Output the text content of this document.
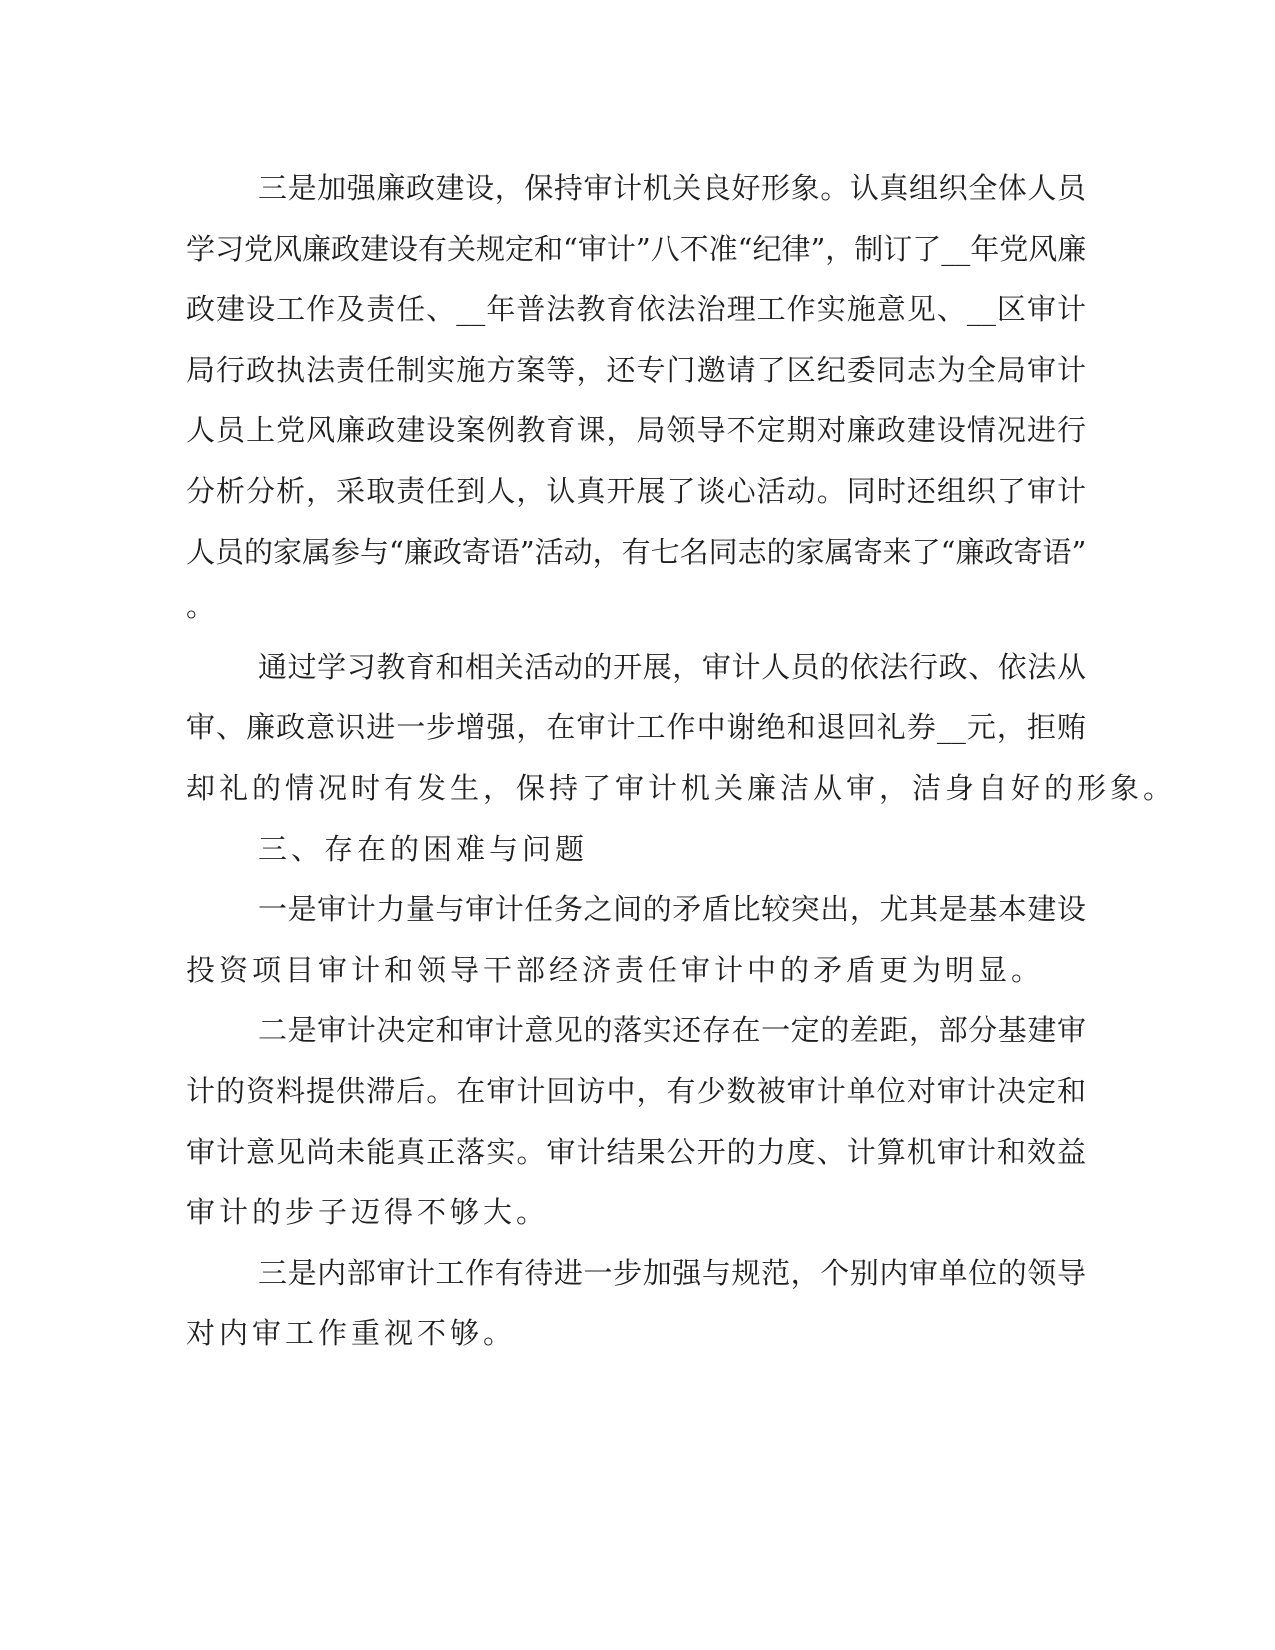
三是加强廉政建设，保持审计机关良好形象。认真组织全体人员
学习党风廉政建设有关规定和“审计”八不准“纪律”，制订了__年党风廉
政建设工作及责任、__年普法教育依法治理工作实施意见、__区审计
局行政执法责任制实施方案等，还专门邀请了区纪委同志为全局审计
人员上党风廉政建设案例教育课，局领导不定期对廉政建设情况进行
分析分析，采取责任到人，认真开展了谈心活动。同时还组织了审计
人员的家属参与“廉政寄语”活动，有七名同志的家属寄来了“廉政寄语”
。
通过学习教育和相关活动的开展，审计人员的依法行政、依法从
审、廉政意识进一步增强，在审计工作中谢绝和退回礼券__元，拒贿
却礼的情况时有发生，保持了审计机关廉洁从审，洁身自好的形象。
三、存在的困难与问题
一是审计力量与审计任务之间的矛盾比较突出，尤其是基本建设
投资项目审计和领导干部经济责任审计中的矛盾更为明显。
二是审计决定和审计意见的落实还存在一定的差距，部分基建审
计的资料提供滞后。在审计回访中，有少数被审计单位对审计决定和
审计意见尚未能真正落实。审计结果公开的力度、计算机审计和效益
审计的步子迈得不够大。
三是内部审计工作有待进一步加强与规范，个别内审单位的领导
对内审工作重视不够。
